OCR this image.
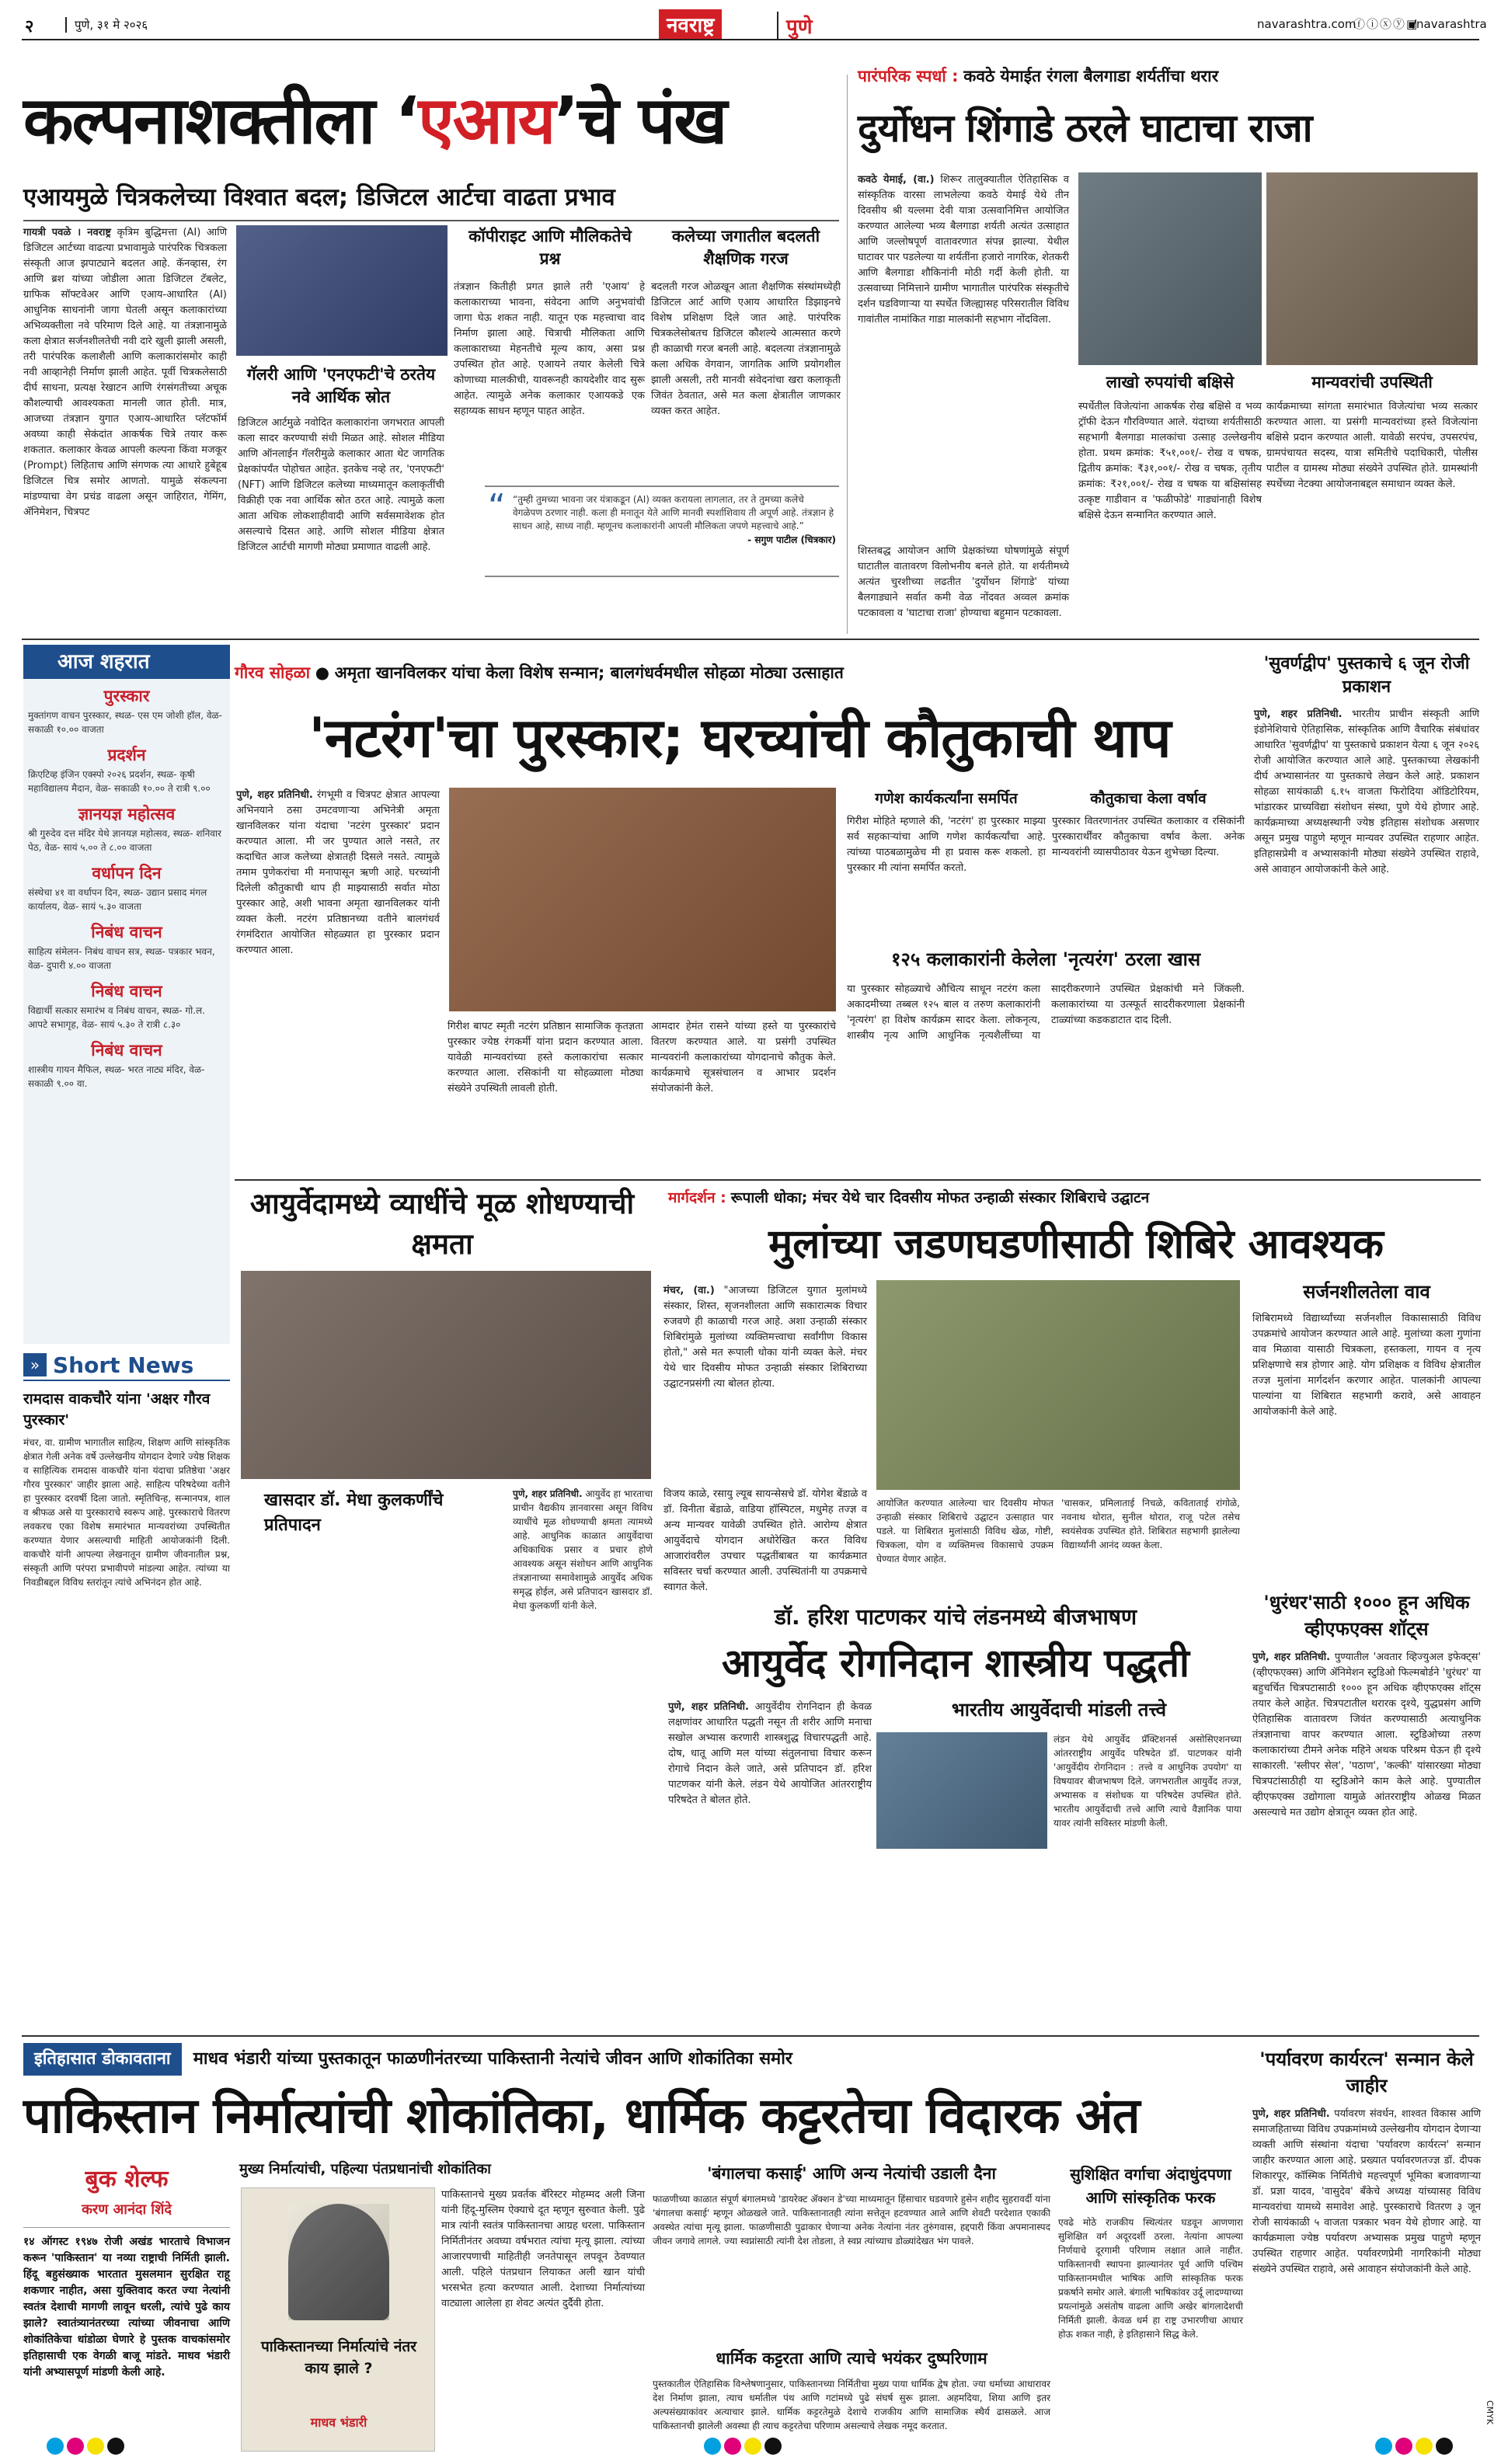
२	पुणे, ३१ मे २०२६	नवराष्ट्र	पुणे	navarashtra.com
ⓕⓘⓧⓨ▣
/navarashtra
कल्पनाशक्तीला ‘एआय’चे पंख
एआयमुळे चित्रकलेच्या विश्वात बदल; डिजिटल आर्टचा वाढता प्रभाव

गायत्री पवळे । नवराष्ट्र कृत्रिम बुद्धिमत्ता (AI) आणि डिजिटल आर्टच्या वाढत्या प्रभावामुळे पारंपरिक चित्रकला संस्कृती आज झपाट्याने बदलत आहे. कॅनव्हास, रंग आणि ब्रश यांच्या जोडीला आता डिजिटल टॅबलेट, ग्राफिक सॉफ्टवेअर आणि एआय-आधारित (AI) आधुनिक साधनांनी जागा घेतली असून कलाकारांच्या अभिव्यक्तीला नवे परिमाण दिले आहे. या तंत्रज्ञानामुळे कला क्षेत्रात सर्जनशीलतेची नवी दारे खुली झाली असली, तरी पारंपरिक कलाशैली आणि कलाकारांसमोर काही नवी आव्हानेही निर्माण झाली आहेत. पूर्वी चित्रकलेसाठी दीर्घ साधना, प्रत्यक्ष रेखाटन आणि रंगसंगतीच्या अचूक कौशल्याची आवश्यकता मानली जात होती. मात्र, आजच्या तंत्रज्ञान युगात एआय-आधारित प्लॅटफॉर्म अवघ्या काही सेकंदांत आकर्षक चित्रे तयार करू शकतात. कलाकार केवळ आपली कल्पना किंवा मजकूर (Prompt) लिहिताच आणि संगणक त्या आधारे हुबेहूब डिजिटल चित्र समोर आणतो. यामुळे संकल्पना मांडण्याचा वेग प्रचंड वाढला असून जाहिरात, गेमिंग, ॲनिमेशन, चित्रपट

गॅलरी आणि 'एनएफटी'चे ठरतेय नवे आर्थिक स्रोत

डिजिटल आर्टमुळे नवोदित कलाकारांना जगभरात आपली कला सादर करण्याची संधी मिळत आहे. सोशल मीडिया आणि ऑनलाईन गॅलरीमुळे कलाकार आता थेट जागतिक प्रेक्षकांपर्यंत पोहोचत आहेत. इतकेच नव्हे तर, 'एनएफटी' (NFT) आणि डिजिटल कलेच्या माध्यमातून कलाकृतींची विक्रीही एक नवा आर्थिक स्रोत ठरत आहे. त्यामुळे कला आता अधिक लोकशाहीवादी आणि सर्वसमावेशक होत असल्याचे दिसत आहे. आणि सोशल मीडिया क्षेत्रात डिजिटल आर्टची मागणी मोठ्या प्रमाणात वाढली आहे.

कॉपीराइट आणि मौलिकतेचे प्रश्न

तंत्रज्ञान कितीही प्रगत झाले तरी 'एआय' हे कलाकाराच्या भावना, संवेदना आणि अनुभवांची जागा घेऊ शकत नाही. यातून एक महत्त्वाचा वाद निर्माण झाला आहे. चित्राची मौलिकता आणि कलाकाराच्या मेहनतीचे मूल्य काय, असा प्रश्न उपस्थित होत आहे. एआयने तयार केलेली चित्रे कोणाच्या मालकीची, यावरूनही कायदेशीर वाद सुरू आहेत. त्यामुळे अनेक कलाकार एआयकडे एक सहाय्यक साधन म्हणून पाहत आहेत.

कलेच्या जगातील बदलती शैक्षणिक गरज

बदलती गरज ओळखून आता शैक्षणिक संस्थांमध्येही डिजिटल आर्ट आणि एआय आधारित डिझाइनचे विशेष प्रशिक्षण दिले जात आहे. पारंपरिक चित्रकलेसोबतच डिजिटल कौशल्ये आत्मसात करणे ही काळाची गरज बनली आहे. बदलत्या तंत्रज्ञानामुळे कला अधिक वेगवान, जागतिक आणि प्रयोगशील झाली असली, तरी मानवी संवेदनांचा खरा कलाकृती जिवंत ठेवतात, असे मत कला क्षेत्रातील जाणकार व्यक्त करत आहेत.

“ “तुम्ही तुमच्या भावना जर यंत्राकडून (AI) व्यक्त करायला लागलात, तर ते तुमच्या कलेचे वेगळेपण ठरणार नाही. कला ही मनातून येते आणि मानवी स्पर्शाशिवाय ती अपूर्ण आहे. तंत्रज्ञान हे साधन आहे, साध्य नाही. म्हणूनच कलाकारांनी आपली मौलिकता जपणे महत्त्वाचे आहे.”

- सगुण पाटील (चित्रकार)

पारंपरिक स्पर्धा : कवठे येमाईत रंगला बैलगाडा शर्यतींचा थरार
दुर्योधन शिंगाडे ठरले घाटाचा राजा

कवठे येमाई, (वा.) शिरूर तालुक्यातील ऐतिहासिक व सांस्कृतिक वारसा लाभलेल्या कवठे येमाई येथे तीन दिवसीय श्री यल्लमा देवी यात्रा उत्सवानिमित्त आयोजित करण्यात आलेल्या भव्य बैलगाडा शर्यती अत्यंत उत्साहात आणि जल्लोषपूर्ण वातावरणात संपन्न झाल्या. येथील घाटावर पार पडलेल्या या शर्यतींना हजारो नागरिक, शेतकरी आणि बैलगाडा शौकिनांनी मोठी गर्दी केली होती. या उत्सवाच्या निमित्ताने ग्रामीण भागातील पारंपरिक संस्कृतीचे दर्शन घडविणाऱ्या या स्पर्धेत जिल्ह्यासह परिसरातील विविध गावांतील नामांकित गाडा मालकांनी सहभाग नोंदविला.

शिस्तबद्ध आयोजन आणि प्रेक्षकांच्या घोषणांमुळे संपूर्ण घाटातील वातावरण विलोभनीय बनले होते. या शर्यतीमध्ये अत्यंत चुरशीच्या लढतीत 'दुर्योधन शिंगाडे' यांच्या बैलगाड्याने सर्वात कमी वेळ नोंदवत अव्वल क्रमांक पटकावला व 'घाटाचा राजा' होण्याचा बहुमान पटकावला.

लाखो रुपयांची बक्षिसे

स्पर्धेतील विजेत्यांना आकर्षक रोख बक्षिसे व भव्य ट्रॉफी देऊन गौरविण्यात आले. यंदाच्या शर्यतीसाठी सहभागी बैलगाडा मालकांचा उत्साह उल्लेखनीय होता. प्रथम क्रमांक: ₹५१,००१/- रोख व चषक, द्वितीय क्रमांक: ₹३१,००१/- रोख व चषक, तृतीय क्रमांक: ₹२१,००१/- रोख व चषक या बक्षिसांसह उत्कृष्ट गाडीवान व 'फळीफोडे' गाड्यांनाही विशेष बक्षिसे देऊन सन्मानित करण्यात आले.

मान्यवरांची उपस्थिती

कार्यक्रमाच्या सांगता समारंभात विजेत्यांचा भव्य सत्कार करण्यात आला. या प्रसंगी मान्यवरांच्या हस्ते विजेत्यांना बक्षिसे प्रदान करण्यात आली. यावेळी सरपंच, उपसरपंच, ग्रामपंचायत सदस्य, यात्रा समितीचे पदाधिकारी, पोलीस पाटील व ग्रामस्थ मोठ्या संख्येने उपस्थित होते. ग्रामस्थांनी स्पर्धेच्या नेटक्या आयोजनाबद्दल समाधान व्यक्त केले.

आज शहरात
पुरस्कार
मुक्तांगण वाचन पुरस्कार, स्थळ- एस एम जोशी हॉल, वेळ- सकाळी १०.०० वाजता
प्रदर्शन
क्रिएटिव्ह इंजिन एक्स्पो २०२६ प्रदर्शन, स्थळ- कृषी महाविद्यालय मैदान, वेळ- सकाळी १०.०० ते रात्री ९.००
ज्ञानयज्ञ महोत्सव
श्री गुरुदेव दत्त मंदिर येथे ज्ञानयज्ञ महोत्सव, स्थळ- शनिवार पेठ, वेळ- सायं ५.०० ते ८.०० वाजता
वर्धापन दिन
संस्थेचा ४१ वा वर्धापन दिन, स्थळ- उद्यान प्रसाद मंगल कार्यालय, वेळ- सायं ५.३० वाजता
निबंध वाचन
साहित्य संमेलन- निबंध वाचन सत्र, स्थळ- पत्रकार भवन, वेळ- दुपारी ४.०० वाजता
निबंध वाचन
विद्यार्थी सत्कार समारंभ व निबंध वाचन, स्थळ- गो.ल. आपटे सभागृह, वेळ- सायं ५.३० ते रात्री ८.३०
निबंध वाचन
शास्त्रीय गायन मैफिल, स्थळ- भरत नाट्य मंदिर, वेळ- सकाळी ९.०० वा.
गौरव सोहळा ● अमृता खानविलकर यांचा केला विशेष सन्मान; बालगंधर्वमधील सोहळा मोठ्या उत्साहात
'नटरंग'चा पुरस्कार; घरच्यांची कौतुकाची थाप

पुणे, शहर प्रतिनिधी. रंगभूमी व चित्रपट क्षेत्रात आपल्या अभिनयाने ठसा उमटवणाऱ्या अभिनेत्री अमृता खानविलकर यांना यंदाचा 'नटरंग पुरस्कार' प्रदान करण्यात आला. मी जर पुण्यात आले नसते, तर कदाचित आज कलेच्या क्षेत्रातही दिसले नसते. त्यामुळे तमाम पुणेकरांचा मी मनापासून ऋणी आहे. घरच्यांनी दिलेली कौतुकाची थाप ही माझ्यासाठी सर्वात मोठा पुरस्कार आहे, अशी भावना अमृता खानविलकर यांनी व्यक्त केली. नटरंग प्रतिष्ठानच्या वतीने बालगंधर्व रंगमंदिरात आयोजित सोहळ्यात हा पुरस्कार प्रदान करण्यात आला.

गिरीश बापट स्मृती नटरंग प्रतिष्ठान सामाजिक कृतज्ञता पुरस्कार ज्येष्ठ रंगकर्मी यांना प्रदान करण्यात आला. यावेळी मान्यवरांच्या हस्ते कलाकारांचा सत्कार करण्यात आला. रसिकांनी या सोहळ्याला मोठ्या संख्येने उपस्थिती लावली होती.

आमदार हेमंत रासने यांच्या हस्ते या पुरस्कारांचे वितरण करण्यात आले. या प्रसंगी उपस्थित मान्यवरांनी कलाकारांच्या योगदानाचे कौतुक केले. कार्यक्रमाचे सूत्रसंचालन व आभार प्रदर्शन संयोजकांनी केले.

गणेश कार्यकर्त्यांना समर्पित

गिरीश मोहिते म्हणाले की, 'नटरंग' हा पुरस्कार माझ्या सर्व सहकाऱ्यांचा आणि गणेश कार्यकर्त्यांचा आहे. त्यांच्या पाठबळामुळेच मी हा प्रवास करू शकलो. हा पुरस्कार मी त्यांना समर्पित करतो.

कौतुकाचा केला वर्षाव

पुरस्कार वितरणानंतर उपस्थित कलाकार व रसिकांनी पुरस्कारार्थींवर कौतुकाचा वर्षाव केला. अनेक मान्यवरांनी व्यासपीठावर येऊन शुभेच्छा दिल्या.

१२५ कलाकारांनी केलेला 'नृत्यरंग' ठरला खास

या पुरस्कार सोहळ्याचे औचित्य साधून नटरंग कला अकादमीच्या तब्बल १२५ बाल व तरुण कलाकारांनी 'नृत्यरंग' हा विशेष कार्यक्रम सादर केला. लोकनृत्य, शास्त्रीय नृत्य आणि आधुनिक नृत्यशैलींच्या या सादरीकरणाने उपस्थित प्रेक्षकांची मने जिंकली. कलाकारांच्या या उत्स्फूर्त सादरीकरणाला प्रेक्षकांनी टाळ्यांच्या कडकडाटात दाद दिली.

'सुवर्णद्वीप' पुस्तकाचे ६ जून रोजी प्रकाशन

पुणे, शहर प्रतिनिधी. भारतीय प्राचीन संस्कृती आणि इंडोनेशियाचे ऐतिहासिक, सांस्कृतिक आणि वैचारिक संबंधांवर आधारित 'सुवर्णद्वीप' या पुस्तकाचे प्रकाशन येत्या ६ जून २०२६ रोजी आयोजित करण्यात आले आहे. पुस्तकाच्या लेखकांनी दीर्घ अभ्यासानंतर या पुस्तकाचे लेखन केले आहे. प्रकाशन सोहळा सायंकाळी ६.१५ वाजता फिरोदिया ऑडिटोरियम, भांडारकर प्राच्यविद्या संशोधन संस्था, पुणे येथे होणार आहे. कार्यक्रमाच्या अध्यक्षस्थानी ज्येष्ठ इतिहास संशोधक असणार असून प्रमुख पाहुणे म्हणून मान्यवर उपस्थित राहणार आहेत. इतिहासप्रेमी व अभ्यासकांनी मोठ्या संख्येने उपस्थित राहावे, असे आवाहन आयोजकांनी केले आहे.

आयुर्वेदामध्ये व्याधींचे मूळ शोधण्याची क्षमता
खासदार डॉ. मेधा कुलकर्णींचे प्रतिपादन

पुणे, शहर प्रतिनिधी. आयुर्वेद हा भारताचा प्राचीन वैद्यकीय ज्ञानवारसा असून विविध व्याधींचे मूळ शोधण्याची क्षमता त्यामध्ये आहे. आधुनिक काळात आयुर्वेदाचा अधिकाधिक प्रसार व प्रचार होणे आवश्यक असून संशोधन आणि आधुनिक तंत्रज्ञानाच्या समावेशामुळे आयुर्वेद अधिक समृद्ध होईल, असे प्रतिपादन खासदार डॉ. मेधा कुलकर्णी यांनी केले.

विजय काळे, रसायु ल्यूब सायन्सेसचे डॉ. योगेश बेंडाळे व डॉ. विनीता बेंडाळे, वाडिया हॉस्पिटल, मधुमेह तज्ज्ञ व अन्य मान्यवर यावेळी उपस्थित होते. आरोग्य क्षेत्रात आयुर्वेदाचे योगदान अधोरेखित करत विविध आजारांवरील उपचार पद्धतींबाबत या कार्यक्रमात सविस्तर चर्चा करण्यात आली. उपस्थितांनी या उपक्रमाचे स्वागत केले.

मार्गदर्शन : रूपाली धोका; मंचर येथे चार दिवसीय मोफत उन्हाळी संस्कार शिबिराचे उद्घाटन
मुलांच्या जडणघडणीसाठी शिबिरे आवश्यक

मंचर, (वा.) "आजच्या डिजिटल युगात मुलांमध्ये संस्कार, शिस्त, सृजनशीलता आणि सकारात्मक विचार रुजवणे ही काळाची गरज आहे. अशा उन्हाळी संस्कार शिबिरांमुळे मुलांच्या व्यक्तिमत्त्वाचा सर्वांगीण विकास होतो," असे मत रूपाली धोका यांनी व्यक्त केले. मंचर येथे चार दिवसीय मोफत उन्हाळी संस्कार शिबिराच्या उद्घाटनप्रसंगी त्या बोलत होत्या.

आयोजित करण्यात आलेल्या चार दिवसीय मोफत उन्हाळी संस्कार शिबिराचे उद्घाटन उत्साहात पार पडले. या शिबिरात मुलांसाठी विविध खेळ, गोष्टी, चित्रकला, योग व व्यक्तिमत्त्व विकासाचे उपक्रम घेण्यात येणार आहेत.

'चासकर, प्रमिलाताई निचळे, कविताताई रांगोळे, नवनाथ थोरात, सुनील थोरात, राजू पटेल तसेच स्वयंसेवक उपस्थित होते. शिबिरात सहभागी झालेल्या विद्यार्थ्यांनी आनंद व्यक्त केला.

सर्जनशीलतेला वाव

शिबिरामध्ये विद्यार्थ्यांच्या सर्जनशील विकासासाठी विविध उपक्रमांचे आयोजन करण्यात आले आहे. मुलांच्या कला गुणांना वाव मिळावा यासाठी चित्रकला, हस्तकला, गायन व नृत्य प्रशिक्षणाचे सत्र होणार आहे. योग प्रशिक्षक व विविध क्षेत्रातील तज्ज्ञ मुलांना मार्गदर्शन करणार आहेत. पालकांनी आपल्या पाल्यांना या शिबिरात सहभागी करावे, असे आवाहन आयोजकांनी केले आहे.

» Short News
रामदास वाकचौरे यांना 'अक्षर गौरव पुरस्कार'

मंचर, वा. ग्रामीण भागातील साहित्य, शिक्षण आणि सांस्कृतिक क्षेत्रात गेली अनेक वर्षे उल्लेखनीय योगदान देणारे ज्येष्ठ शिक्षक व साहित्यिक रामदास वाकचौरे यांना यंदाचा प्रतिष्ठेचा 'अक्षर गौरव पुरस्कार' जाहीर झाला आहे. साहित्य परिषदेच्या वतीने हा पुरस्कार दरवर्षी दिला जातो. स्मृतिचिन्ह, सन्मानपत्र, शाल व श्रीफळ असे या पुरस्काराचे स्वरूप आहे. पुरस्काराचे वितरण लवकरच एका विशेष समारंभात मान्यवरांच्या उपस्थितीत करण्यात येणार असल्याची माहिती आयोजकांनी दिली. वाकचौरे यांनी आपल्या लेखनातून ग्रामीण जीवनातील प्रश्न, संस्कृती आणि परंपरा प्रभावीपणे मांडल्या आहेत. त्यांच्या या निवडीबद्दल विविध स्तरांतून त्यांचे अभिनंदन होत आहे.

डॉ. हरिश पाटणकर यांचे लंडनमध्ये बीजभाषण
आयुर्वेद रोगनिदान शास्त्रीय पद्धती

पुणे, शहर प्रतिनिधी. आयुर्वेदीय रोगनिदान ही केवळ लक्षणांवर आधारित पद्धती नसून ती शरीर आणि मनाचा सखोल अभ्यास करणारी शास्त्रशुद्ध विचारपद्धती आहे. दोष, धातू आणि मल यांच्या संतुलनाचा विचार करून रोगाचे निदान केले जाते, असे प्रतिपादन डॉ. हरिश पाटणकर यांनी केले. लंडन येथे आयोजित आंतरराष्ट्रीय परिषदेत ते बोलत होते.

भारतीय आयुर्वेदाची मांडली तत्त्वे

लंडन येथे आयुर्वेद प्रॅक्टिशनर्स असोसिएशनच्या आंतरराष्ट्रीय आयुर्वेद परिषदेत डॉ. पाटणकर यांनी 'आयुर्वेदीय रोगनिदान : तत्त्वे व आधुनिक उपयोग' या विषयावर बीजभाषण दिले. जगभरातील आयुर्वेद तज्ज्ञ, अभ्यासक व संशोधक या परिषदेस उपस्थित होते. भारतीय आयुर्वेदाची तत्त्वे आणि त्याचे वैज्ञानिक पाया यावर त्यांनी सविस्तर मांडणी केली.

'धुरंधर'साठी १००० हून अधिक व्हीएफएक्स शॉट्स

पुणे, शहर प्रतिनिधी. पुण्यातील 'अवतार व्हिज्युअल इफेक्ट्स' (व्हीएफएक्स) आणि ॲनिमेशन स्टुडिओ फिल्मबोर्डने 'धुरंधर' या बहुचर्चित चित्रपटासाठी १००० हून अधिक व्हीएफएक्स शॉट्स तयार केले आहेत. चित्रपटातील थरारक दृश्ये, युद्धप्रसंग आणि ऐतिहासिक वातावरण जिवंत करण्यासाठी अत्याधुनिक तंत्रज्ञानाचा वापर करण्यात आला. स्टुडिओच्या तरुण कलाकारांच्या टीमने अनेक महिने अथक परिश्रम घेऊन ही दृश्ये साकारली. 'स्लीपर सेल', 'पठाण', 'कल्की' यांसारख्या मोठ्या चित्रपटांसाठीही या स्टुडिओने काम केले आहे. पुण्यातील व्हीएफएक्स उद्योगाला यामुळे आंतरराष्ट्रीय ओळख मिळत असल्याचे मत उद्योग क्षेत्रातून व्यक्त होत आहे.

इतिहासात डोकावताना माधव भंडारी यांच्या पुस्तकातून फाळणीनंतरच्या पाकिस्तानी नेत्यांचे जीवन आणि शोकांतिका समोर
पाकिस्तान निर्मात्यांची शोकांतिका, धार्मिक कट्टरतेचा विदारक अंत
बुक शेल्फ
करण आनंदा शिंदे

१४ ऑगस्ट १९४७ रोजी अखंड भारताचे विभाजन करून 'पाकिस्तान' या नव्या राष्ट्राची निर्मिती झाली. हिंदू बहुसंख्याक भारतात मुसलमान सुरक्षित राहू शकणार नाहीत, असा युक्तिवाद करत ज्या नेत्यांनी स्वतंत्र देशाची मागणी लावून धरली, त्यांचे पुढे काय झाले? स्वातंत्र्यानंतरच्या त्यांच्या जीवनाचा आणि शोकांतिकेचा धांडोळा घेणारे हे पुस्तक वाचकांसमोर इतिहासाची एक वेगळी बाजू मांडते. माधव भंडारी यांनी अभ्यासपूर्ण मांडणी केली आहे.

मुख्य निर्मात्यांची, पहिल्या पंतप्रधानांची शोकांतिका
पाकिस्तानच्या निर्मात्यांचे नंतर काय झाले ?
माधव भंडारी

पाकिस्तानचे मुख्य प्रवर्तक बॅरिस्टर मोहम्मद अली जिना यांनी हिंदू-मुस्लिम ऐक्याचे दूत म्हणून सुरुवात केली. पुढे मात्र त्यांनी स्वतंत्र पाकिस्तानचा आग्रह धरला. पाकिस्तान निर्मितीनंतर अवघ्या वर्षभरात त्यांचा मृत्यू झाला. त्यांच्या आजारपणाची माहितीही जनतेपासून लपवून ठेवण्यात आली. पहिले पंतप्रधान लियाकत अली खान यांची भरसभेत हत्या करण्यात आली. देशाच्या निर्मात्यांच्या वाट्याला आलेला हा शेवट अत्यंत दुर्दैवी होता.

'बंगालचा कसाई' आणि अन्य नेत्यांची उडाली दैना

फाळणीच्या काळात संपूर्ण बंगालमध्ये 'डायरेक्ट ॲक्शन डे'च्या माध्यमातून हिंसाचार घडवणारे हुसेन शहीद सुहरावर्दी यांना 'बंगालचा कसाई' म्हणून ओळखले जाते. पाकिस्तानातही त्यांना सत्तेतून हटवण्यात आले आणि शेवटी परदेशात एकाकी अवस्थेत त्यांचा मृत्यू झाला. फाळणीसाठी पुढाकार घेणाऱ्या अनेक नेत्यांना नंतर तुरुंगवास, हद्दपारी किंवा अपमानास्पद जीवन जगावे लागले. ज्या स्वप्नांसाठी त्यांनी देश तोडला, ते स्वप्न त्यांच्याच डोळ्यांदेखत भंग पावले.

धार्मिक कट्टरता आणि त्याचे भयंकर दुष्परिणाम

पुस्तकातील ऐतिहासिक विश्लेषणानुसार, पाकिस्तानच्या निर्मितीचा मुख्य पाया धार्मिक द्वेष होता. ज्या धर्माच्या आधारावर देश निर्माण झाला, त्याच धर्मातील पंथ आणि गटांमध्ये पुढे संघर्ष सुरू झाला. अहमदिया, शिया आणि इतर अल्पसंख्याकांवर अत्याचार झाले. धार्मिक कट्टरतेमुळे देशाचे राजकीय आणि सामाजिक स्थैर्य ढासळले. आज पाकिस्तानची झालेली अवस्था ही त्याच कट्टरतेचा परिणाम असल्याचे लेखक नमूद करतात.

सुशिक्षित वर्गाचा अंदाधुंदपणा आणि सांस्कृतिक फरक

एवढे मोठे राजकीय स्थित्यंतर घडवून आणणारा सुशिक्षित वर्ग अदूरदर्शी ठरला. नेत्यांना आपल्या निर्णयाचे दूरगामी परिणाम लक्षात आले नाहीत. पाकिस्तानची स्थापना झाल्यानंतर पूर्व आणि पश्चिम पाकिस्तानमधील भाषिक आणि सांस्कृतिक फरक प्रकर्षाने समोर आले. बंगाली भाषिकांवर उर्दू लादण्याच्या प्रयत्नांमुळे असंतोष वाढला आणि अखेर बांगलादेशची निर्मिती झाली. केवळ धर्म हा राष्ट्र उभारणीचा आधार होऊ शकत नाही, हे इतिहासाने सिद्ध केले.

'पर्यावरण कार्यरत्न' सन्मान केले जाहीर

पुणे, शहर प्रतिनिधी. पर्यावरण संवर्धन, शाश्वत विकास आणि समाजहिताच्या विविध उपक्रमांमध्ये उल्लेखनीय योगदान देणाऱ्या व्यक्ती आणि संस्थांना यंदाचा 'पर्यावरण कार्यरत्न' सन्मान जाहीर करण्यात आला आहे. प्रख्यात पर्यावरणतज्ज्ञ डॉ. दीपक शिकारपूर, कॉस्मिक निर्मितीचे महत्त्वपूर्ण भूमिका बजावणाऱ्या डॉ. प्रज्ञा यादव, 'वासुदेव' बँकेचे अध्यक्ष यांच्यासह विविध मान्यवरांचा यामध्ये समावेश आहे. पुरस्काराचे वितरण ३ जून रोजी सायंकाळी ५ वाजता पत्रकार भवन येथे होणार आहे. या कार्यक्रमाला ज्येष्ठ पर्यावरण अभ्यासक प्रमुख पाहुणे म्हणून उपस्थित राहणार आहेत. पर्यावरणप्रेमी नागरिकांनी मोठ्या संख्येने उपस्थित राहावे, असे आवाहन संयोजकांनी केले आहे.

CMYK
